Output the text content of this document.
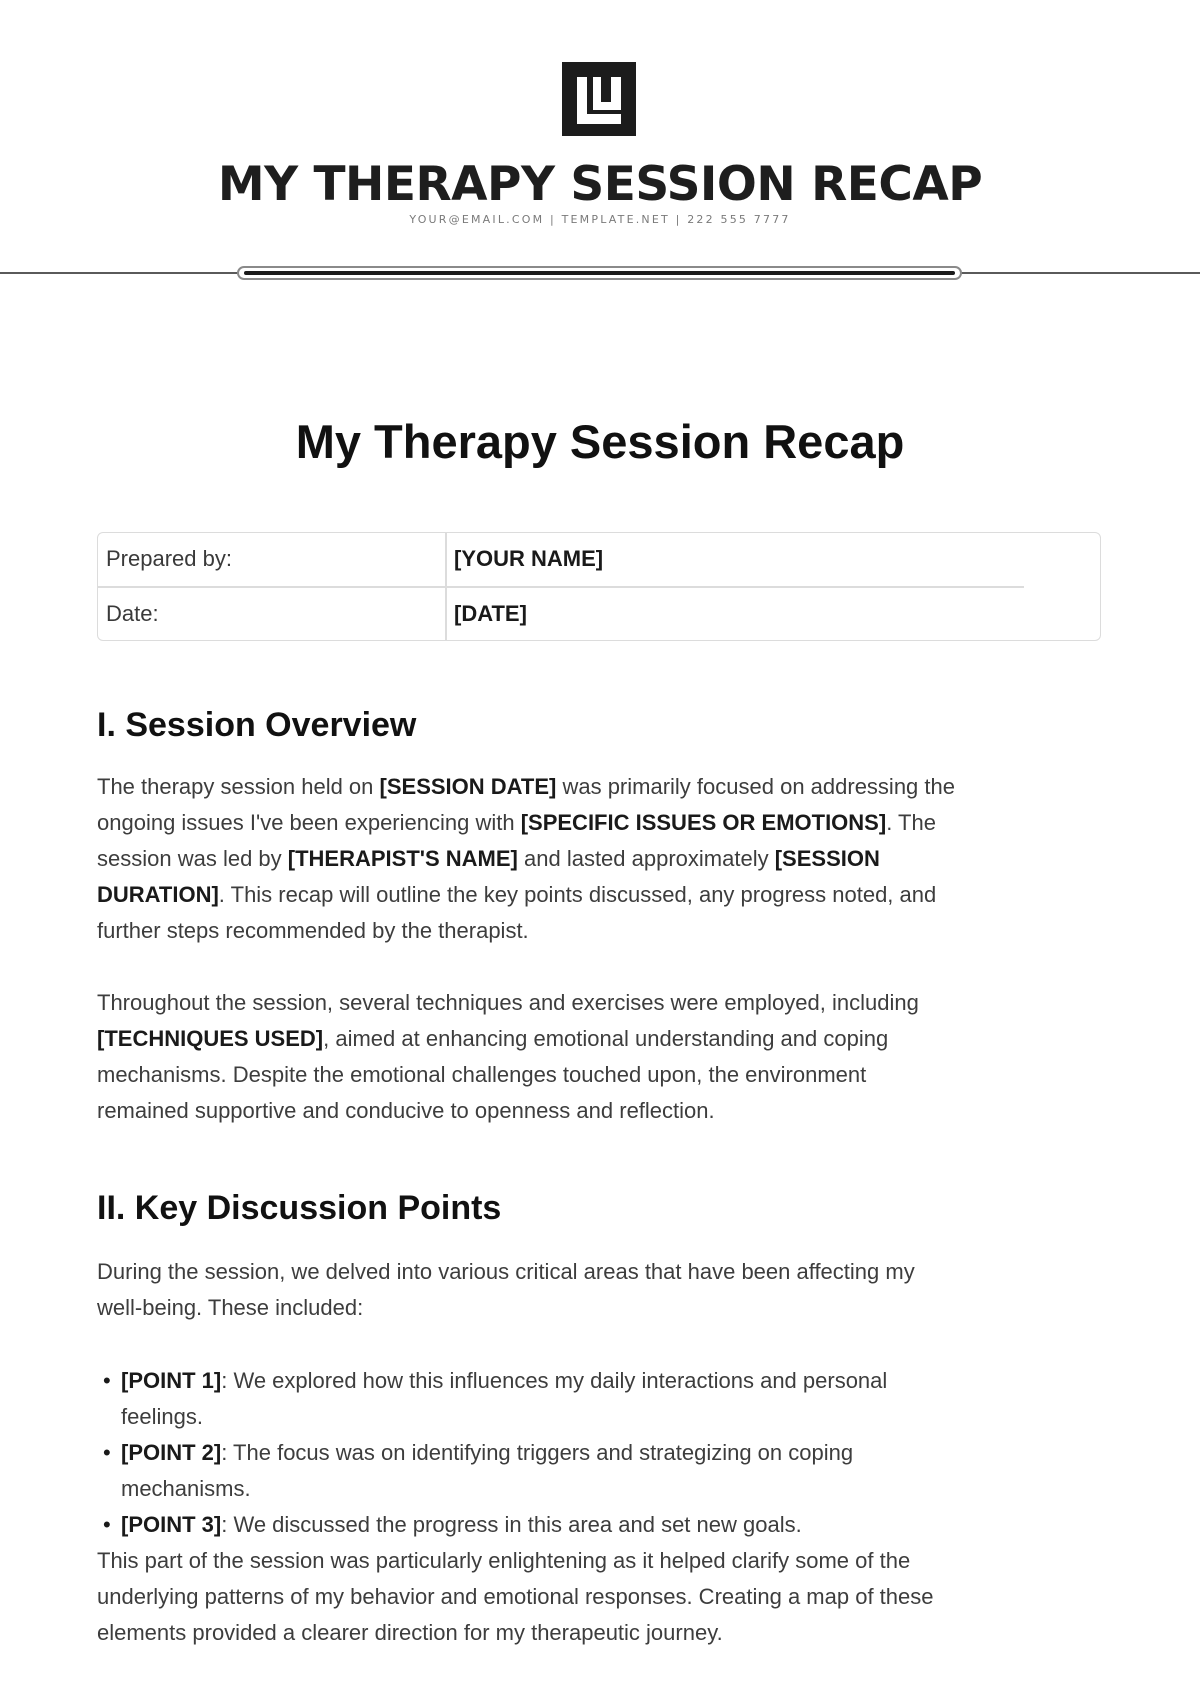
MY THERAPY SESSION RECAP
YOUR@EMAIL.COM | TEMPLATE.NET | 222 555 7777
My Therapy Session Recap
Prepared by:	[YOUR NAME]
Date:	[DATE]
I. Session Overview
The therapy session held on [SESSION DATE] was primarily focused on addressing the
ongoing issues I've been experiencing with [SPECIFIC ISSUES OR EMOTIONS]. The
session was led by [THERAPIST'S NAME] and lasted approximately [SESSION
DURATION]. This recap will outline the key points discussed, any progress noted, and
further steps recommended by the therapist.
Throughout the session, several techniques and exercises were employed, including
[TECHNIQUES USED], aimed at enhancing emotional understanding and coping
mechanisms. Despite the emotional challenges touched upon, the environment
remained supportive and conducive to openness and reflection.
II. Key Discussion Points
During the session, we delved into various critical areas that have been affecting my
well-being. These included:
• [POINT 1]: We explored how this influences my daily interactions and personal
feelings.
• [POINT 2]: The focus was on identifying triggers and strategizing on coping
mechanisms.
• [POINT 3]: We discussed the progress in this area and set new goals.
This part of the session was particularly enlightening as it helped clarify some of the
underlying patterns of my behavior and emotional responses. Creating a map of these
elements provided a clearer direction for my therapeutic journey.
